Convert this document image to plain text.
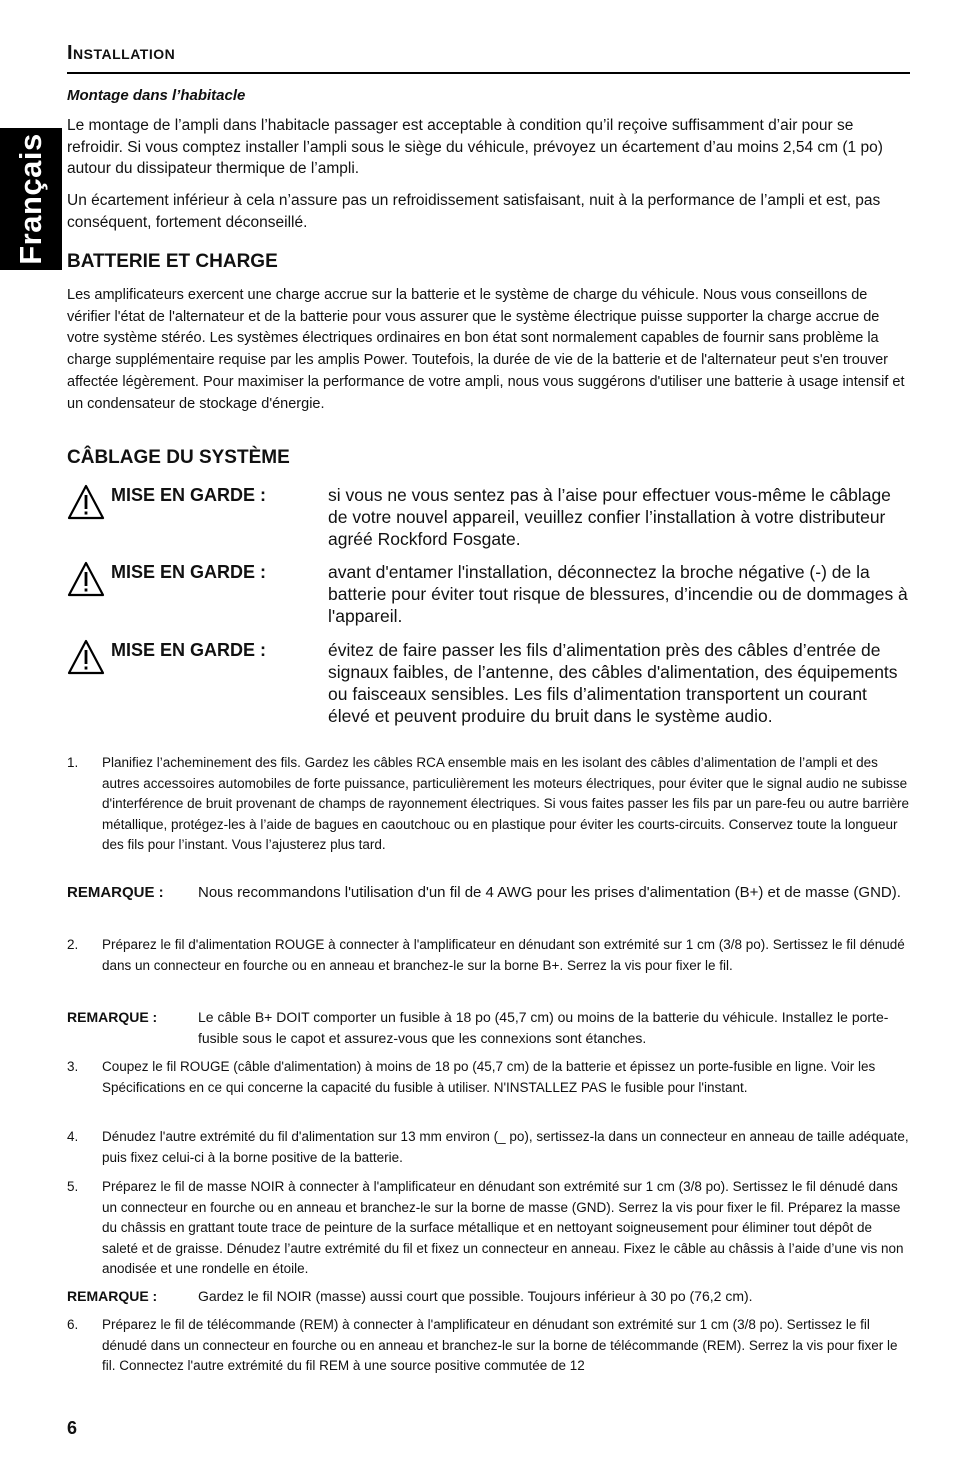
Français
Installation
Montage dans l’habitacle

Le montage de l’ampli dans l’habitacle passager est acceptable à condition qu’il reçoive suffisamment d’air pour se refroidir. Si vous comptez installer l’ampli sous le siège du véhicule, prévoyez un écartement d’au moins 2,54 cm (1 po) autour du dissipateur thermique de l’ampli.

Un écartement inférieur à cela n’assure pas un refroidissement satisfaisant, nuit à la performance de l’ampli et est, pas conséquent, fortement déconseillé.

BATTERIE ET CHARGE

Les amplificateurs exercent une charge accrue sur la batterie et le système de charge du véhicule. Nous vous conseillons de vérifier l'état de l'alternateur et de la batterie pour vous assurer que le système électrique puisse supporter la charge accrue de votre système stéréo. Les systèmes électriques ordinaires en bon état sont normalement capables de fournir sans problème la charge supplémentaire requise par les amplis Power. Toutefois, la durée de vie de la batterie et de l'alternateur peut s'en trouver affectée légèrement. Pour maximiser la performance de votre ampli, nous vous suggérons d'utiliser une batterie à usage intensif et un condensateur de stockage d'énergie.

CÂBLAGE DU SYSTÈME
MISE EN GARDE :	si vous ne vous sentez pas à l’aise pour effectuer vous-même le câblage de votre nouvel appareil, veuillez confier l’installation à votre distributeur agréé Rockford Fosgate.
MISE EN GARDE :	avant d'entamer l'installation, déconnectez la broche négative (-) de la batterie pour éviter tout risque de blessures, d’incendie ou de dommages à l'appareil.
MISE EN GARDE :	évitez de faire passer les fils d’alimentation près des câbles d’entrée de signaux faibles, de l’antenne, des câbles d'alimentation, des équipements ou faisceaux sensibles. Les fils d’alimentation transportent un courant élevé et peuvent produire du bruit dans le système audio.
1. Planifiez l’acheminement des fils. Gardez les câbles RCA ensemble mais en les isolant des câbles d’alimentation de l’ampli et des autres accessoires automobiles de forte puissance, particulièrement les moteurs électriques, pour éviter que le signal audio ne subisse d'interférence de bruit provenant de champs de rayonnement électriques. Si vous faites passer les fils par un pare-feu ou autre barrière métallique, protégez-les à l’aide de bagues en caoutchouc ou en plastique pour éviter les courts-circuits. Conservez toute la longueur des fils pour l’instant. Vous l’ajusterez plus tard.
REMARQUE : Nous recommandons l'utilisation d'un fil de 4 AWG pour les prises d'alimentation (B+) et de masse (GND).
2. Préparez le fil d'alimentation ROUGE à connecter à l'amplificateur en dénudant son extrémité sur 1 cm (3/8 po). Sertissez le fil dénudé dans un connecteur en fourche ou en anneau et branchez-le sur la borne B+. Serrez la vis pour fixer le fil.
REMARQUE :	Le câble B+ DOIT comporter un fusible à 18 po (45,7 cm) ou moins de la batterie du véhicule. Installez le porte-fusible sous le capot et assurez-vous que les connexions sont étanches.
3. Coupez le fil ROUGE (câble d'alimentation) à moins de 18 po (45,7 cm) de la batterie et épissez un porte-fusible en ligne. Voir les Spécifications en ce qui concerne la capacité du fusible à utiliser. N'INSTALLEZ PAS le fusible pour l'instant.
4. Dénudez l'autre extrémité du fil d'alimentation sur 13 mm environ (_ po), sertissez-la dans un connecteur en anneau de taille adéquate, puis fixez celui-ci à la borne positive de la batterie.
5. Préparez le fil de masse NOIR à connecter à l'amplificateur en dénudant son extrémité sur 1 cm (3/8 po). Sertissez le fil dénudé dans un connecteur en fourche ou en anneau et branchez-le sur la borne de masse (GND). Serrez la vis pour fixer le fil. Préparez la masse du châssis en grattant toute trace de peinture de la surface métallique et en nettoyant soigneusement pour éliminer tout dépôt de saleté et de graisse. Dénudez l’autre extrémité du fil et fixez un connecteur en anneau. Fixez le câble au châssis à l’aide d’une vis non anodisée et une rondelle en étoile.
REMARQUE :	Gardez le fil NOIR (masse) aussi court que possible. Toujours inférieur à 30 po (76,2 cm).
6. Préparez le fil de télécommande (REM) à connecter à l'amplificateur en dénudant son extrémité sur 1 cm (3/8 po). Sertissez le fil dénudé dans un connecteur en fourche ou en anneau et branchez-le sur la borne de télécommande (REM). Serrez la vis pour fixer le fil. Connectez l'autre extrémité du fil REM à une source positive commutée de 12
6
